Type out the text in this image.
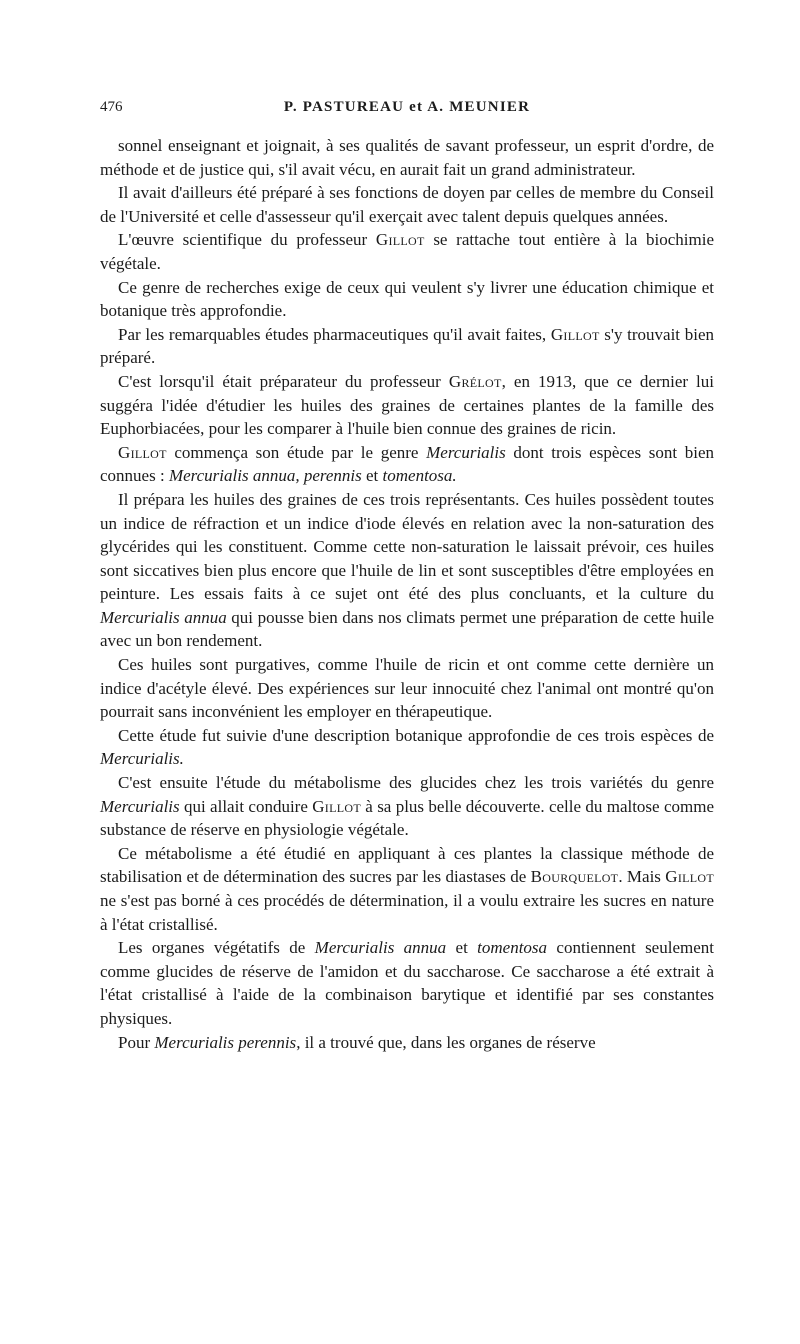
476	P. PASTUREAU et A. MEUNIER

sonnel enseignant et joignait, à ses qualités de savant professeur, un esprit d'ordre, de méthode et de justice qui, s'il avait vécu, en aurait fait un grand administrateur.

Il avait d'ailleurs été préparé à ses fonctions de doyen par celles de membre du Conseil de l'Université et celle d'assesseur qu'il exerçait avec talent depuis quelques années.

L'œuvre scientifique du professeur Gillot se rattache tout entière à la biochimie végétale.

Ce genre de recherches exige de ceux qui veulent s'y livrer une éducation chimique et botanique très approfondie.

Par les remarquables études pharmaceutiques qu'il avait faites, Gillot s'y trouvait bien préparé.

C'est lorsqu'il était préparateur du professeur Grélot, en 1913, que ce dernier lui suggéra l'idée d'étudier les huiles des graines de certaines plantes de la famille des Euphorbiacées, pour les comparer à l'huile bien connue des graines de ricin.

Gillot commença son étude par le genre Mercurialis dont trois espèces sont bien connues : Mercurialis annua, perennis et tomentosa.

Il prépara les huiles des graines de ces trois représentants. Ces huiles possèdent toutes un indice de réfraction et un indice d'iode élevés en relation avec la non-saturation des glycérides qui les constituent. Comme cette non-saturation le laissait prévoir, ces huiles sont siccatives bien plus encore que l'huile de lin et sont susceptibles d'être employées en peinture. Les essais faits à ce sujet ont été des plus concluants, et la culture du Mercurialis annua qui pousse bien dans nos climats permet une préparation de cette huile avec un bon rendement.

Ces huiles sont purgatives, comme l'huile de ricin et ont comme cette dernière un indice d'acétyle élevé. Des expériences sur leur innocuité chez l'animal ont montré qu'on pourrait sans inconvénient les employer en thérapeutique.

Cette étude fut suivie d'une description botanique approfondie de ces trois espèces de Mercurialis.

C'est ensuite l'étude du métabolisme des glucides chez les trois variétés du genre Mercurialis qui allait conduire Gillot à sa plus belle découverte. celle du maltose comme substance de réserve en physiologie végétale.

Ce métabolisme a été étudié en appliquant à ces plantes la classique méthode de stabilisation et de détermination des sucres par les diastases de Bourquelot. Mais Gillot ne s'est pas borné à ces procédés de détermination, il a voulu extraire les sucres en nature à l'état cristallisé.

Les organes végétatifs de Mercurialis annua et tomentosa contiennent seulement comme glucides de réserve de l'amidon et du saccharose. Ce saccharose a été extrait à l'état cristallisé à l'aide de la combinaison barytique et identifié par ses constantes physiques.

Pour Mercurialis perennis, il a trouvé que, dans les organes de réserve
